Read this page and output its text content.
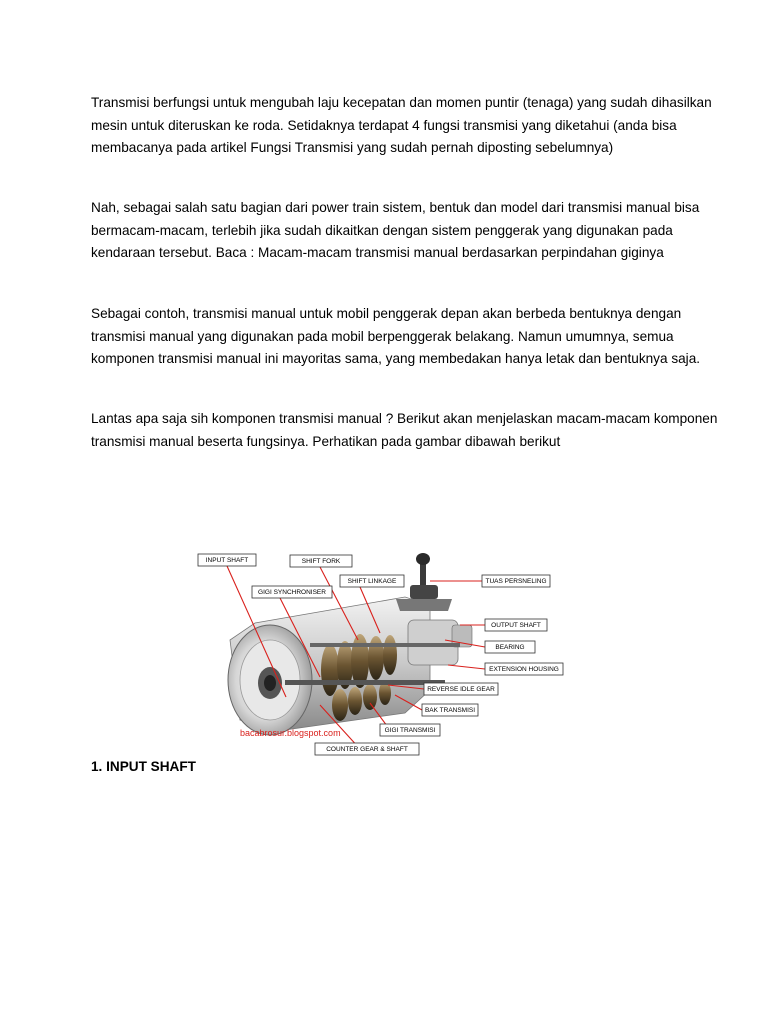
Transmisi berfungsi untuk mengubah laju kecepatan dan momen puntir (tenaga) yang sudah dihasilkan
mesin untuk diteruskan ke roda. Setidaknya terdapat 4 fungsi transmisi yang diketahui (anda bisa
membacanya pada artikel Fungsi Transmisi yang sudah pernah diposting sebelumnya)
Nah, sebagai salah satu bagian dari power train sistem, bentuk dan model dari transmisi manual bisa
bermacam-macam, terlebih jika sudah dikaitkan dengan sistem penggerak yang digunakan pada
kendaraan tersebut. Baca : Macam-macam transmisi manual berdasarkan perpindahan giginya
Sebagai contoh, transmisi manual untuk mobil penggerak depan akan berbeda bentuknya dengan
transmisi manual yang digunakan pada mobil berpenggerak belakang. Namun umumnya, semua
komponen transmisi manual ini mayoritas sama, yang membedakan hanya letak dan bentuknya saja.
Lantas apa saja sih komponen transmisi manual ? Berikut akan menjelaskan macam-macam komponen
transmisi manual beserta fungsinya. Perhatikan pada gambar dibawah berikut
INPUT SHAFT	SHIFT FORK
SHIFT LINKAGE	TUAS PERSNELING
GIGI SYNCHRONISER
OUTPUT SHAFT
BEARING
EXTENSION HOUSING
REVERSE IDLE GEAR
BAK TRANSMISI
GIGI TRANSMISI
COUNTER GEAR & SHAFT
bacabrosur.blogspot.com
1. INPUT SHAFT
